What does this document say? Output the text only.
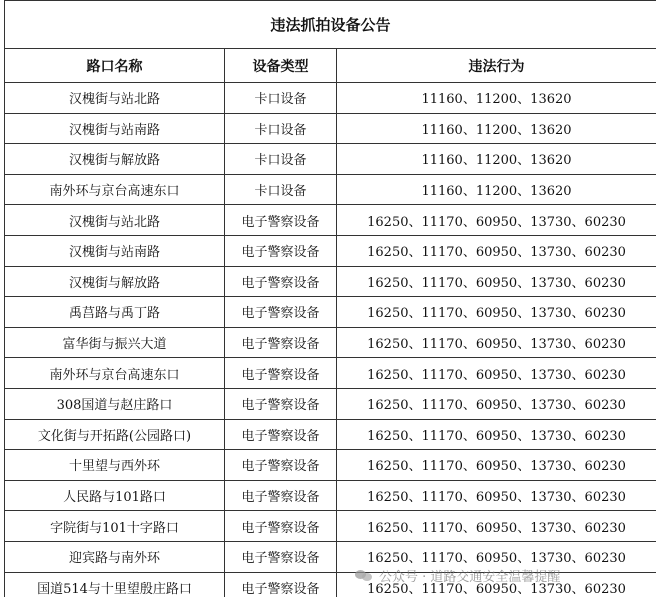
违法抓拍设备公告		
路口名称	设备类型	违法行为
汉槐街与站北路	卡口设备	11160、11200、13620
汉槐街与站南路	卡口设备	11160、11200、13620
汉槐街与解放路	卡口设备	11160、11200、13620
南外环与京台高速东口	卡口设备	11160、11200、13620
汉槐街与站北路	电子警察设备	16250、11170、60950、13730、60230
汉槐街与站南路	电子警察设备	16250、11170、60950、13730、60230
汉槐街与解放路	电子警察设备	16250、11170、60950、13730、60230
禹莒路与禹丁路	电子警察设备	16250、11170、60950、13730、60230
富华街与振兴大道	电子警察设备	16250、11170、60950、13730、60230
南外环与京台高速东口	电子警察设备	16250、11170、60950、13730、60230
308国道与赵庄路口	电子警察设备	16250、11170、60950、13730、60230
文化街与开拓路(公园路口)	电子警察设备	16250、11170、60950、13730、60230
十里望与西外环	电子警察设备	16250、11170、60950、13730、60230
人民路与101路口	电子警察设备	16250、11170、60950、13730、60230
字院街与101十字路口	电子警察设备	16250、11170、60950、13730、60230
迎宾路与南外环	电子警察设备	16250、11170、60950、13730、60230
国道514与十里望殷庄路口	电子警察设备	16250、11170、60950、13730、60230
公众号 · 道路交通安全温馨提醒
